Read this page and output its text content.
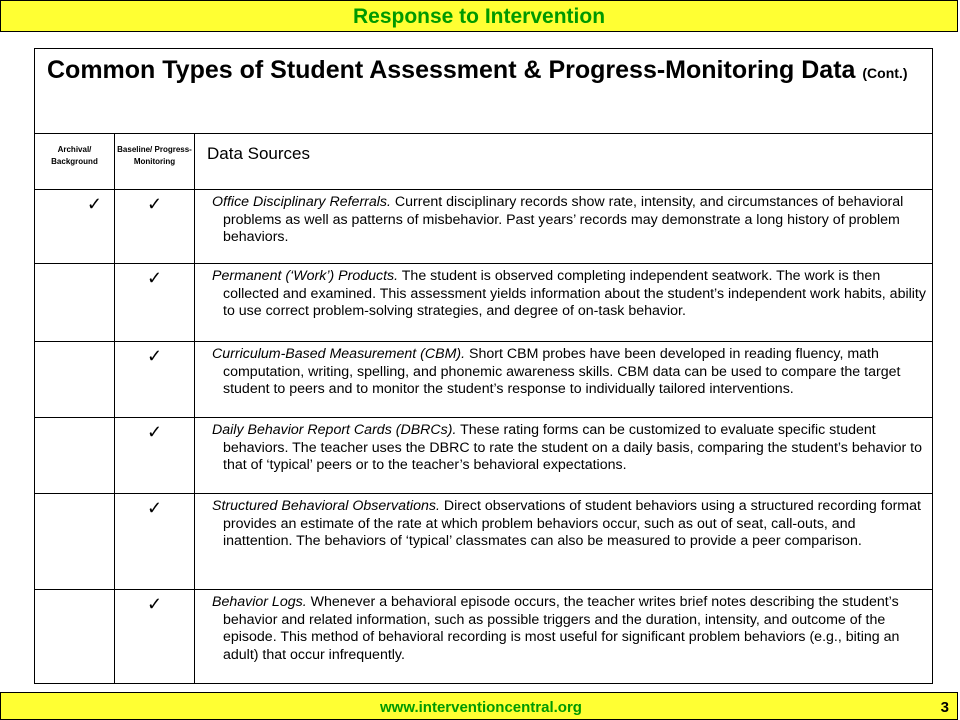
Response to Intervention
Common Types of Student Assessment & Progress-Monitoring Data (Cont.)		

Archival/ Background	Baseline/ Progress-Monitoring	Data Sources
✓	✓	Office Disciplinary Referrals. Current disciplinary records show rate, intensity, and circumstances of behavioral problems as well as patterns of misbehavior. Past years’ records may demonstrate a long history of problem behaviors.
	✓	Permanent (‘Work’) Products. The student is observed completing independent seatwork. The work is then collected and examined. This assessment yields information about the student’s independent work habits, ability to use correct problem-solving strategies, and degree of on-task behavior.
	✓	Curriculum-Based Measurement (CBM). Short CBM probes have been developed in reading fluency, math computation, writing, spelling, and phonemic awareness skills. CBM data can be used to compare the target student to peers and to monitor the student’s response to individually tailored interventions.
	✓	Daily Behavior Report Cards (DBRCs). These rating forms can be customized to evaluate specific student behaviors. The teacher uses the DBRC to rate the student on a daily basis, comparing the student’s behavior to that of ‘typical’ peers or to the teacher’s behavioral expectations.
	✓	Structured Behavioral Observations. Direct observations of student behaviors using a structured recording format provides an estimate of the rate at which problem behaviors occur, such as out of seat, call-outs, and inattention. The behaviors of ‘typical’ classmates can also be measured to provide a peer comparison.
	✓	Behavior Logs. Whenever a behavioral episode occurs, the teacher writes brief notes describing the student’s behavior and related information, such as possible triggers and the duration, intensity, and outcome of the episode. This method of behavioral recording is most useful for significant problem behaviors (e.g., biting an adult) that occur infrequently.
www.interventioncentral.org	3
